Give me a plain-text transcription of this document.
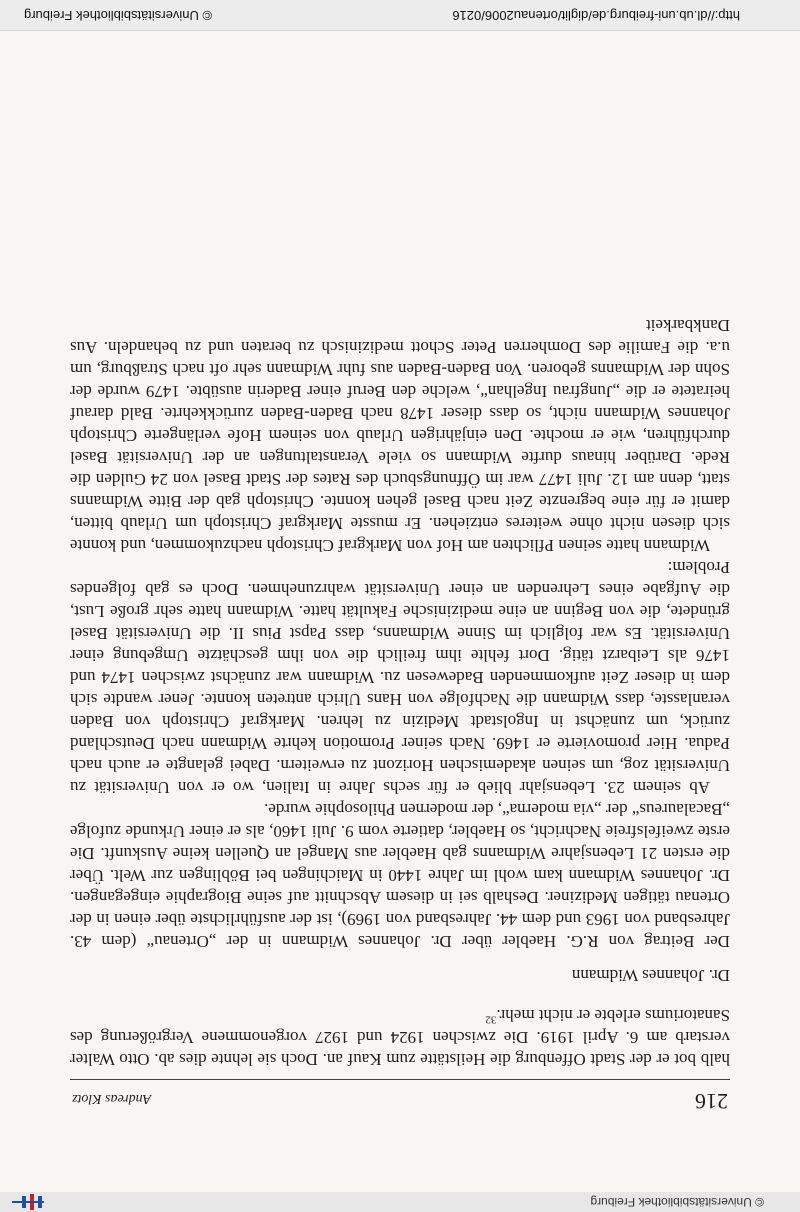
© Universitätsbibliothek Freiburg
216
Andreas Klotz

halb bot er der Stadt Offenburg die Heilstätte zum Kauf an. Doch sie lehnte dies ab. Otto Walter verstarb am 6. April 1919. Die zwischen 1924 und 1927 vorgenommene Vergrößerung des Sanatoriums erlebte er nicht mehr.$^{32}$

Dr. Johannes Widmann

Der Beitrag von R.G. Haebler über Dr. Johannes Widmann in der „Ortenau“ (dem 43. Jahresband von 1963 und dem 44. Jahresband von 1969), ist der ausführlichste über einen in der Ortenau tätigen Mediziner. Deshalb sei in diesem Abschnitt auf seine Biographie eingegangen. Dr. Johannes Widmann kam wohl im Jahre 1440 in Maichingen bei Böblingen zur Welt. Über die ersten 21 Lebensjahre Widmanns gab Haebler aus Mangel an Quellen keine Auskunft. Die erste zweifelsfreie Nachricht, so Haebler, datierte vom 9. Juli 1460, als er einer Urkunde zufolge „Bacalaureus“ der „via moderna“, der modernen Philosophie wurde.

Ab seinem 23. Lebensjahr blieb er für sechs Jahre in Italien, wo er von Universität zu Universität zog, um seinen akademischen Horizont zu erweitern. Dabei gelangte er auch nach Padua. Hier promovierte er 1469. Nach seiner Promotion kehrte Widmann nach Deutschland zurück, um zunächst in Ingolstadt Medizin zu lehren. Markgraf Christoph von Baden veranlasste, dass Widmann die Nachfolge von Hans Ulrich antreten konnte. Jener wandte sich dem in dieser Zeit aufkommenden Badewesen zu. Widmann war zunächst zwischen 1474 und 1476 als Leibarzt tätig. Dort fehlte ihm freilich die von ihm geschätzte Umgebung einer Universität. Es war folglich im Sinne Widmanns, dass Papst Pius II. die Universität Basel gründete, die von Beginn an eine medizinische Fakultät hatte. Widmann hatte sehr große Lust, die Aufgabe eines Lehrenden an einer Universität wahrzunehmen. Doch es gab folgendes Problem:

Widmann hatte seinen Pflichten am Hof von Markgraf Christoph nachzukommen, und konnte sich diesen nicht ohne weiteres entziehen. Er musste Markgraf Christoph um Urlaub bitten, damit er für eine begrenzte Zeit nach Basel gehen konnte. Christoph gab der Bitte Widmanns statt, denn am 12. Juli 1477 war im Öffnungsbuch des Rates der Stadt Basel von 24 Gulden die Rede. Darüber hinaus durfte Widmann so viele Veranstaltungen an der Universität Basel durchführen, wie er mochte. Den einjährigen Urlaub von seinem Hofe verlängerte Christoph Johannes Widmann nicht, so dass dieser 1478 nach Baden-Baden zurückkehrte. Bald darauf heiratete er die „Jungfrau Ingelhan“, welche den Beruf einer Baderin ausübte. 1479 wurde der Sohn der Widmanns geboren. Von Baden-Baden aus fuhr Widmann sehr oft nach Straßburg, um u.a. die Familie des Domherren Peter Schott medizinisch zu beraten und zu behandeln. Aus Dankbarkeit

http://dl.ub.uni-freiburg.de/diglit/ortenau2006/0216
© Universitätsbibliothek Freiburg
